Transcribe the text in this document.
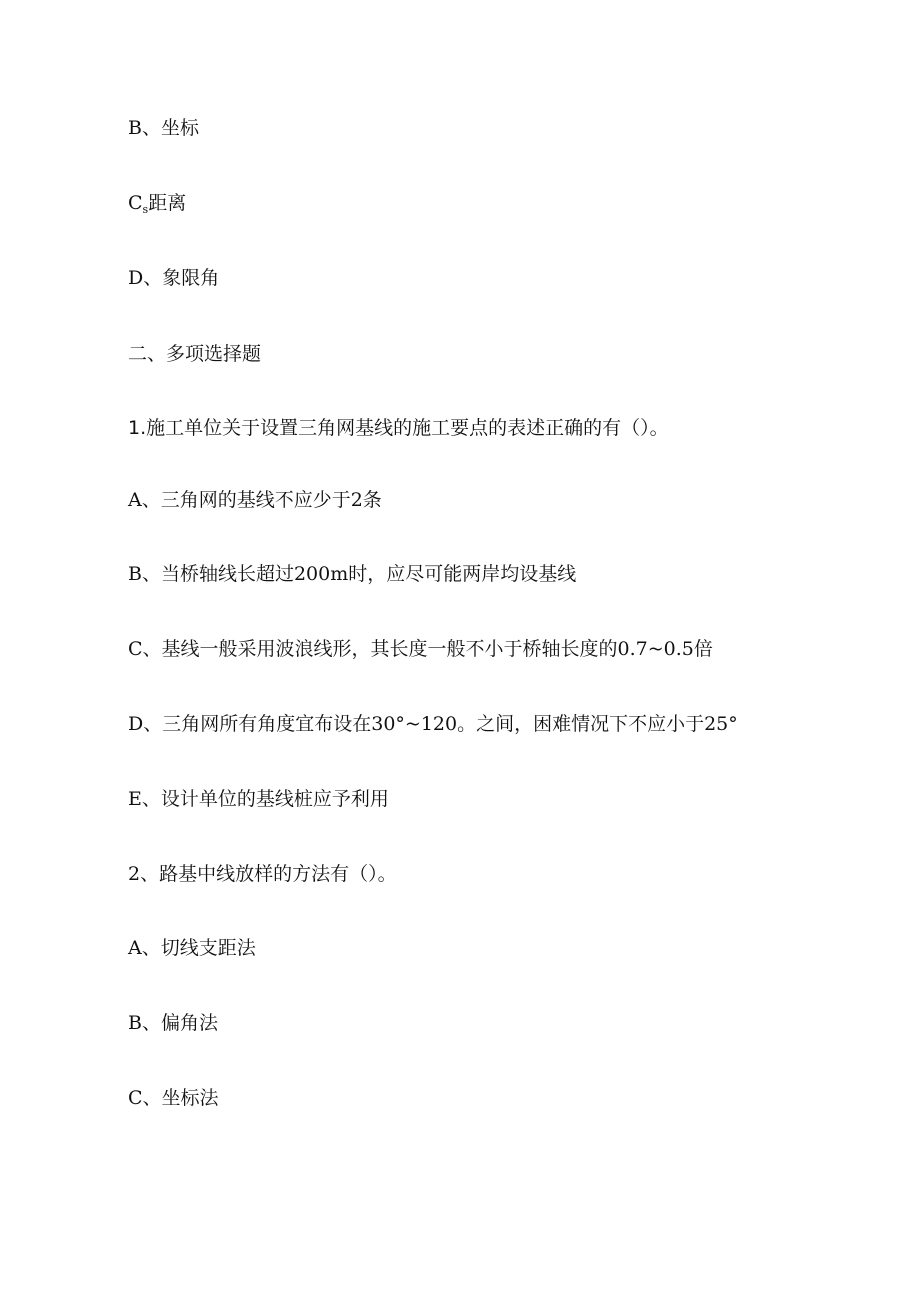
B、坐标

$C_s$距离

D、象限角

二、多项选择题

1.施工单位关于设置三角网基线的施工要点的表述正确的有（）。

A、三角网的基线不应少于2条

B、当桥轴线长超过200m时，应尽可能两岸均设基线

C、基线一般采用波浪线形，其长度一般不小于桥轴长度的0.7~0.5倍

D、三角网所有角度宜布设在30°~120。之间，困难情况下不应小于25°

E、设计单位的基线桩应予利用

2、路基中线放样的方法有（）。

A、切线支距法

B、偏角法

C、坐标法
